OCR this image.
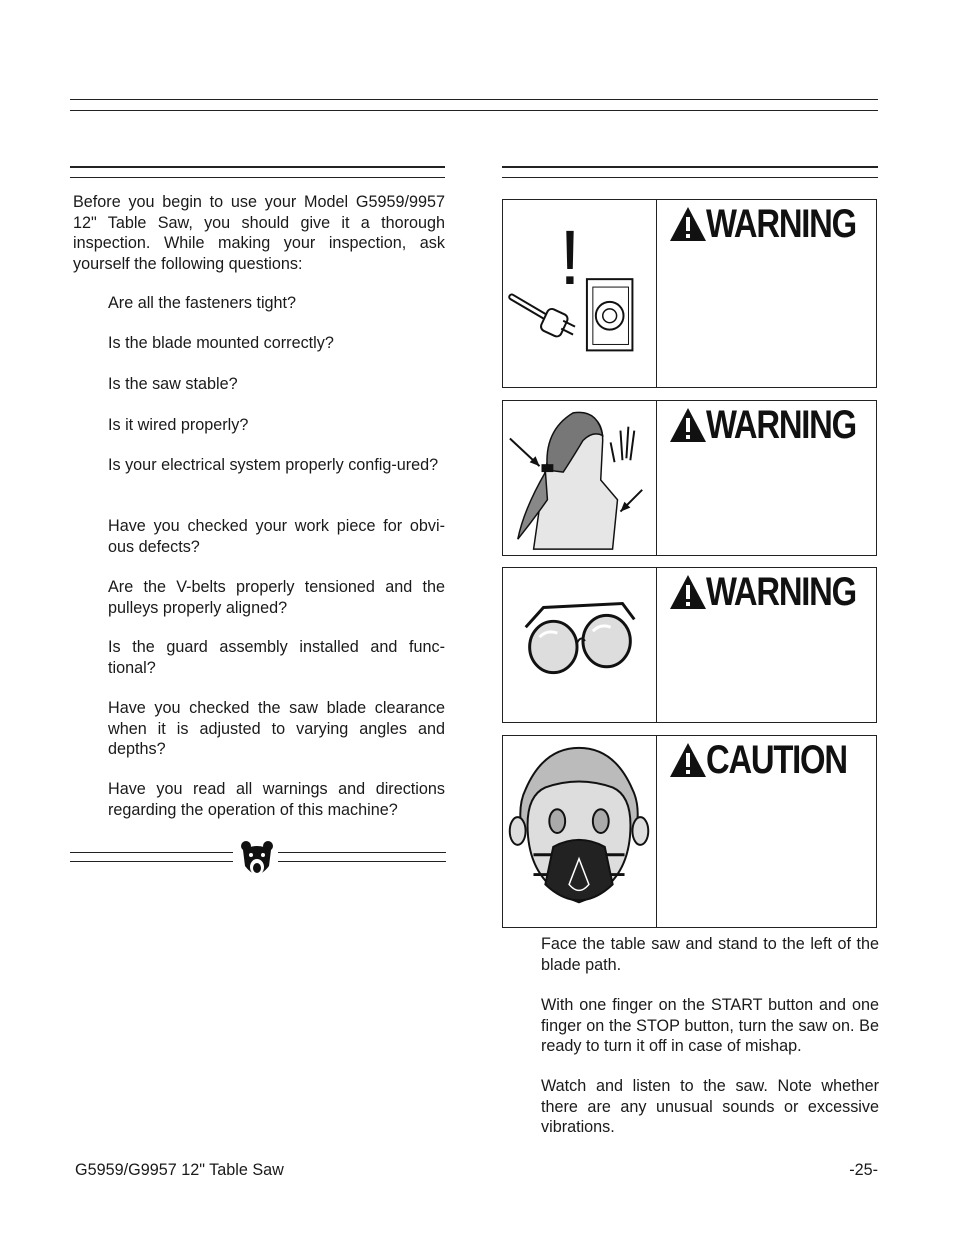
Before you begin to use your Model G5959/9957 12" Table Saw, you should give it a thorough inspection. While making your inspection, ask yourself the following questions:

Are all the fasteners tight?

Is the blade mounted correctly?

Is the saw stable?

Is it wired properly?

Is your electrical system properly config-ured?

Have you checked your work piece for obvi-ous defects?

Are the V-belts properly tensioned and the pulleys properly aligned?

Is the guard assembly installed and func-tional?

Have you checked the saw blade clearance when it is adjusted to varying angles and depths?

Have you read all warnings and directions regarding the operation of this machine?

!	WARNING
WARNING
WARNING
CAUTION

Face the table saw and stand to the left of the blade path.

With one finger on the START button and one finger on the STOP button, turn the saw on. Be ready to turn it off in case of mishap.

Watch and listen to the saw. Note whether there are any unusual sounds or excessive vibrations.

G5959/G9957 12" Table Saw	-25-
